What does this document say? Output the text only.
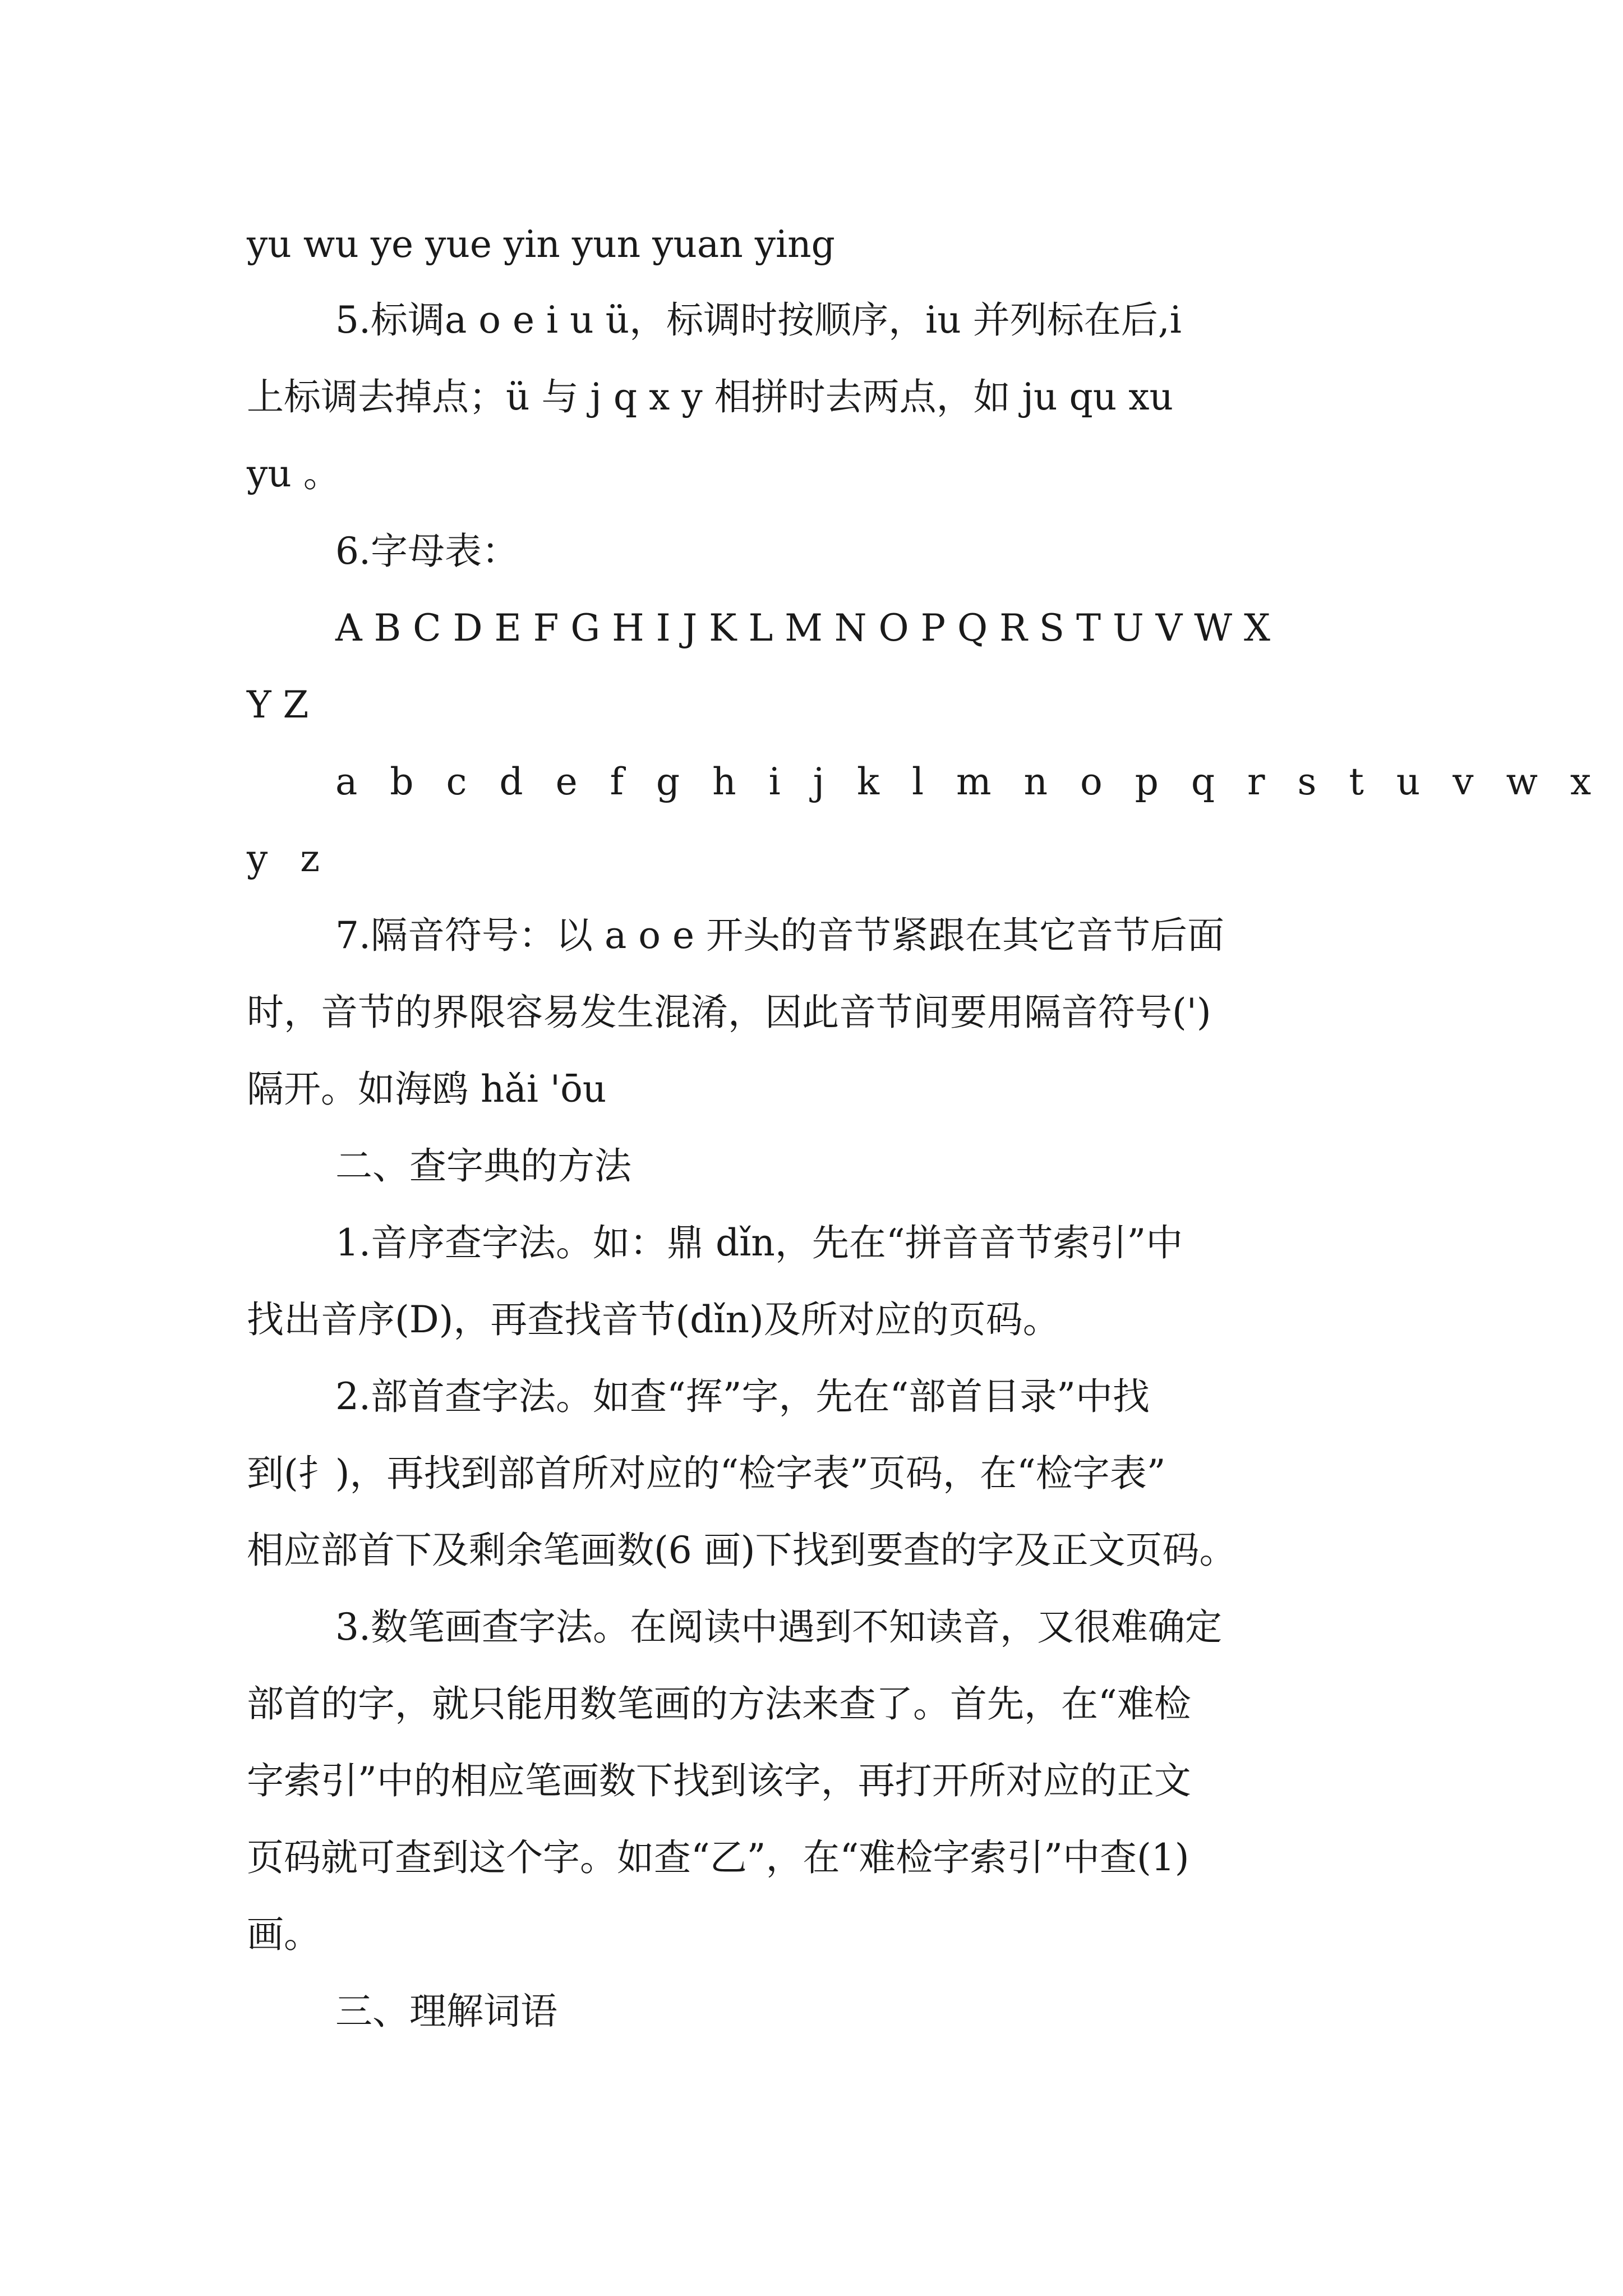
yu wu ye yue yin yun yuan ying
5.标调a o e i u ü，标调时按顺序，iu 并列标在后,i
上标调去掉点；ü 与 j q x y 相拼时去两点，如 ju qu xu
yu 。
6.字母表：
A B C D E F G H I J K L M N O P Q R S T U V W X
Y Z
a b c d e f g h i j k l m n o p q r s t u v w x
y z
7.隔音符号：以 a o e 开头的音节紧跟在其它音节后面
时，音节的界限容易发生混淆，因此音节间要用隔音符号(')
隔开。如海鸥 hǎi 'ōu
二、查字典的方法
1.音序查字法。如：鼎 dǐn，先在“拼音音节索引”中
找出音序(D)，再查找音节(dǐn)及所对应的页码。
2.部首查字法。如查“挥”字，先在“部首目录”中找
到(扌)，再找到部首所对应的“检字表”页码，在“检字表”
相应部首下及剩余笔画数(6 画)下找到要查的字及正文页码。
3.数笔画查字法。在阅读中遇到不知读音，又很难确定
部首的字，就只能用数笔画的方法来查了。首先，在“难检
字索引”中的相应笔画数下找到该字，再打开所对应的正文
页码就可查到这个字。如查“乙”，在“难检字索引”中查(1)
画。
三、理解词语
